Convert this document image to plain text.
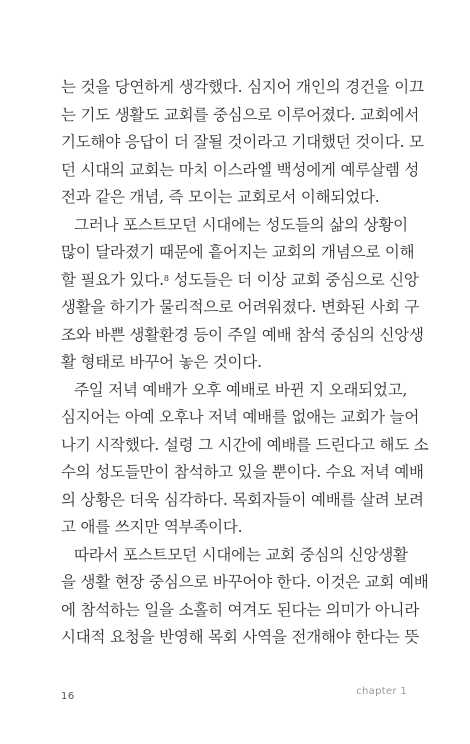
는 것을 당연하게 생각했다. 심지어 개인의 경건을 이끄
는 기도 생활도 교회를 중심으로 이루어졌다. 교회에서
기도해야 응답이 더 잘될 것이라고 기대했던 것이다. 모
던 시대의 교회는 마치 이스라엘 백성에게 예루살렘 성
전과 같은 개념, 즉 모이는 교회로서 이해되었다.
그러나 포스트모던 시대에는 성도들의 삶의 상황이
많이 달라졌기 때문에 흩어지는 교회의 개념으로 이해
할 필요가 있다.$^8$ 성도들은 더 이상 교회 중심으로 신앙
생활을 하기가 물리적으로 어려워졌다. 변화된 사회 구
조와 바쁜 생활환경 등이 주일 예배 참석 중심의 신앙생
활 형태로 바꾸어 놓은 것이다.
주일 저녁 예배가 오후 예배로 바뀐 지 오래되었고,
심지어는 아예 오후나 저녁 예배를 없애는 교회가 늘어
나기 시작했다. 설령 그 시간에 예배를 드린다고 해도 소
수의 성도들만이 참석하고 있을 뿐이다. 수요 저녁 예배
의 상황은 더욱 심각하다. 목회자들이 예배를 살려 보려
고 애를 쓰지만 역부족이다.
따라서 포스트모던 시대에는 교회 중심의 신앙생활
을 생활 현장 중심으로 바꾸어야 한다. 이것은 교회 예배
에 참석하는 일을 소홀히 여겨도 된다는 의미가 아니라
시대적 요청을 반영해 목회 사역을 전개해야 한다는 뜻
16	chapter 1
